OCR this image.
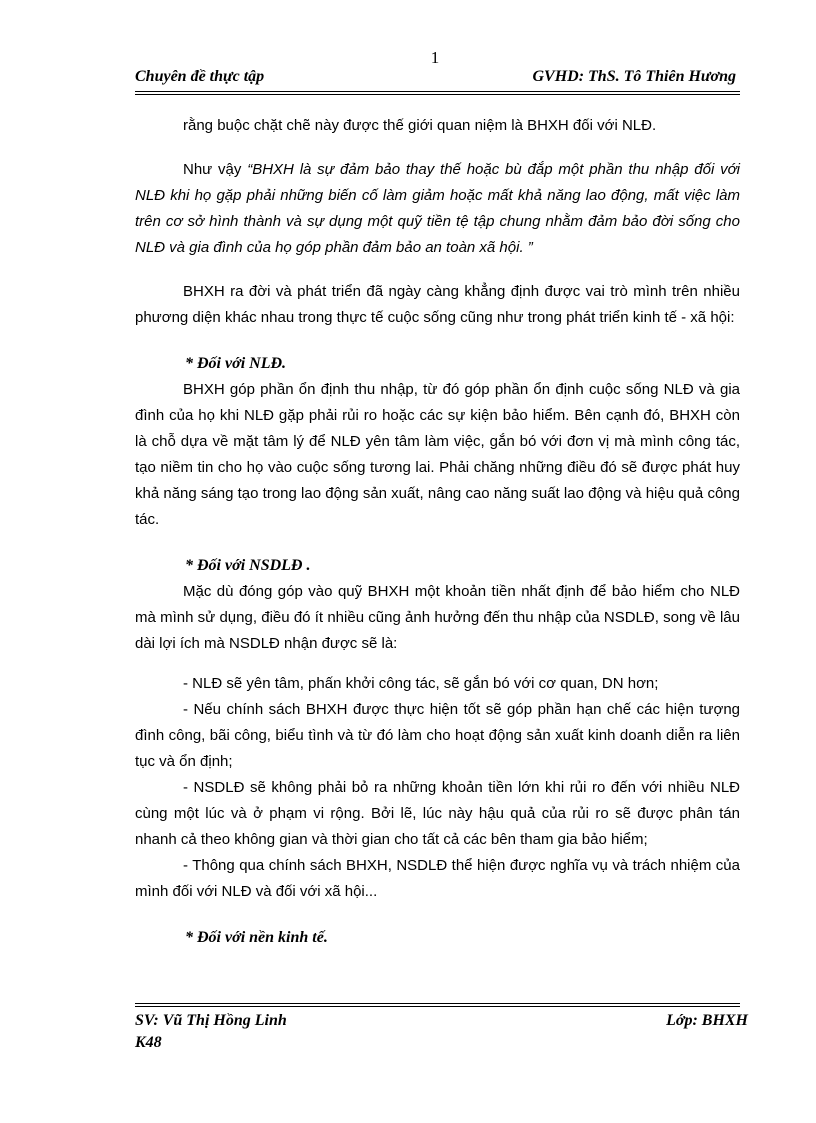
1
Chuyên đề thực tập	GVHD: ThS. Tô Thiên Hương

rằng buộc chặt chẽ này được thế giới quan niệm là BHXH đối với NLĐ.

Như vậy “BHXH là sự đảm bảo thay thế hoặc bù đắp một phần thu nhập đối với NLĐ khi họ gặp phải những biến cố làm giảm hoặc mất khả năng lao động, mất việc làm trên cơ sở hình thành và sự dụng một quỹ tiền tệ tập chung nhằm đảm bảo đời sống cho NLĐ và gia đình của họ góp phần đảm bảo an toàn xã hội. ”

BHXH ra đời và phát triển đã ngày càng khẳng định được vai trò mình trên nhiều phương diện khác nhau trong thực tế cuộc sống cũng như trong phát triển kinh tế - xã hội:

* Đối với NLĐ.

BHXH góp phần ổn định thu nhập, từ đó góp phần ổn định cuộc sống NLĐ và gia đình của họ khi NLĐ gặp phải rủi ro hoặc các sự kiện bảo hiểm. Bên cạnh đó, BHXH còn là chỗ dựa về mặt tâm lý để NLĐ yên tâm làm việc, gắn bó với đơn vị mà mình công tác, tạo niềm tin cho họ vào cuộc sống tương lai. Phải chăng những điều đó sẽ được phát huy khả năng sáng tạo trong lao động sản xuất, nâng cao năng suất lao động và hiệu quả công tác.

* Đối với NSDLĐ .

Mặc dù đóng góp vào quỹ BHXH một khoản tiền nhất định để bảo hiểm cho NLĐ mà mình sử dụng, điều đó ít nhiều cũng ảnh hưởng đến thu nhập của NSDLĐ, song về lâu dài lợi ích mà NSDLĐ nhận được sẽ là:

- NLĐ sẽ yên tâm, phấn khởi công tác, sẽ gắn bó với cơ quan, DN hơn;

- Nếu chính sách BHXH được thực hiện tốt sẽ góp phần hạn chế các hiện tượng đình công, bãi công, biểu tình và từ đó làm cho hoạt động sản xuất kinh doanh diễn ra liên tục và ổn định;

- NSDLĐ sẽ không phải bỏ ra những khoản tiền lớn khi rủi ro đến với nhiều NLĐ cùng một lúc và ở phạm vi rộng. Bởi lẽ, lúc này hậu quả của rủi ro sẽ được phân tán nhanh cả theo không gian và thời gian cho tất cả các bên tham gia bảo hiểm;

- Thông qua chính sách BHXH, NSDLĐ thể hiện được nghĩa vụ và trách nhiệm của mình đối với NLĐ và đối với xã hội...

* Đối với nền kinh tế.

SV: Vũ Thị Hồng Linh	Lớp: BHXH
K48
